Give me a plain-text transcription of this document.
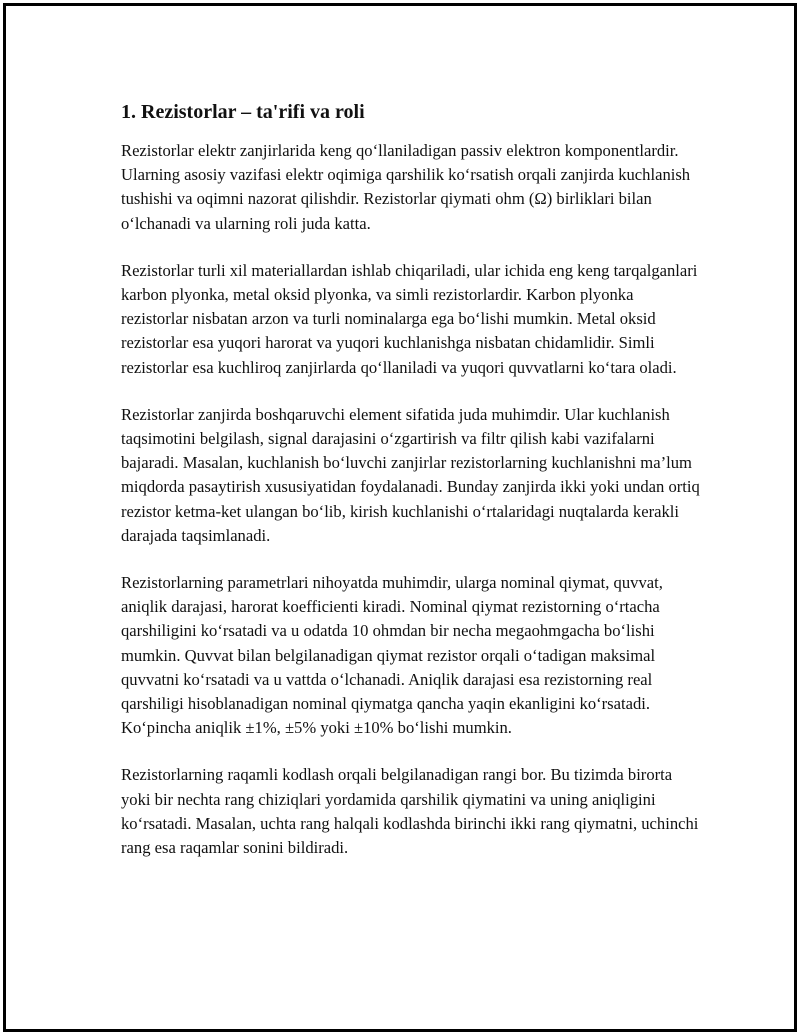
1. Rezistorlar – ta'rifi va roli

Rezistorlar elektr zanjirlarida keng qo‘llaniladigan passiv elektron komponentlardir. Ularning asosiy vazifasi elektr oqimiga qarshilik ko‘rsatish orqali zanjirda kuchlanish tushishi va oqimni nazorat qilishdir. Rezistorlar qiymati ohm (Ω) birliklari bilan o‘lchanadi va ularning roli juda katta.

Rezistorlar turli xil materiallardan ishlab chiqariladi, ular ichida eng keng tarqalganlari karbon plyonka, metal oksid plyonka, va simli rezistorlardir. Karbon plyonka rezistorlar nisbatan arzon va turli nominalarga ega bo‘lishi mumkin. Metal oksid rezistorlar esa yuqori harorat va yuqori kuchlanishga nisbatan chidamlidir. Simli rezistorlar esa kuchliroq zanjirlarda qo‘llaniladi va yuqori quvvatlarni ko‘tara oladi.

Rezistorlar zanjirda boshqaruvchi element sifatida juda muhimdir. Ular kuchlanish taqsimotini belgilash, signal darajasini o‘zgartirish va filtr qilish kabi vazifalarni bajaradi. Masalan, kuchlanish bo‘luvchi zanjirlar rezistorlarning kuchlanishni ma’lum miqdorda pasaytirish xususiyatidan foydalanadi. Bunday zanjirda ikki yoki undan ortiq rezistor ketma-ket ulangan bo‘lib, kirish kuchlanishi o‘rtalaridagi nuqtalarda kerakli darajada taqsimlanadi.

Rezistorlarning parametrlari nihoyatda muhimdir, ularga nominal qiymat, quvvat, aniqlik darajasi, harorat koefficienti kiradi. Nominal qiymat rezistorning o‘rtacha qarshiligini ko‘rsatadi va u odatda 10 ohmdan bir necha megaohmgacha bo‘lishi mumkin. Quvvat bilan belgilanadigan qiymat rezistor orqali o‘tadigan maksimal quvvatni ko‘rsatadi va u vattda o‘lchanadi. Aniqlik darajasi esa rezistorning real qarshiligi hisoblanadigan nominal qiymatga qancha yaqin ekanligini ko‘rsatadi. Ko‘pincha aniqlik ±1%, ±5% yoki ±10% bo‘lishi mumkin.

Rezistorlarning raqamli kodlash orqali belgilanadigan rangi bor. Bu tizimda birorta yoki bir nechta rang chiziqlari yordamida qarshilik qiymatini va uning aniqligini ko‘rsatadi. Masalan, uchta rang halqali kodlashda birinchi ikki rang qiymatni, uchinchi rang esa raqamlar sonini bildiradi.
